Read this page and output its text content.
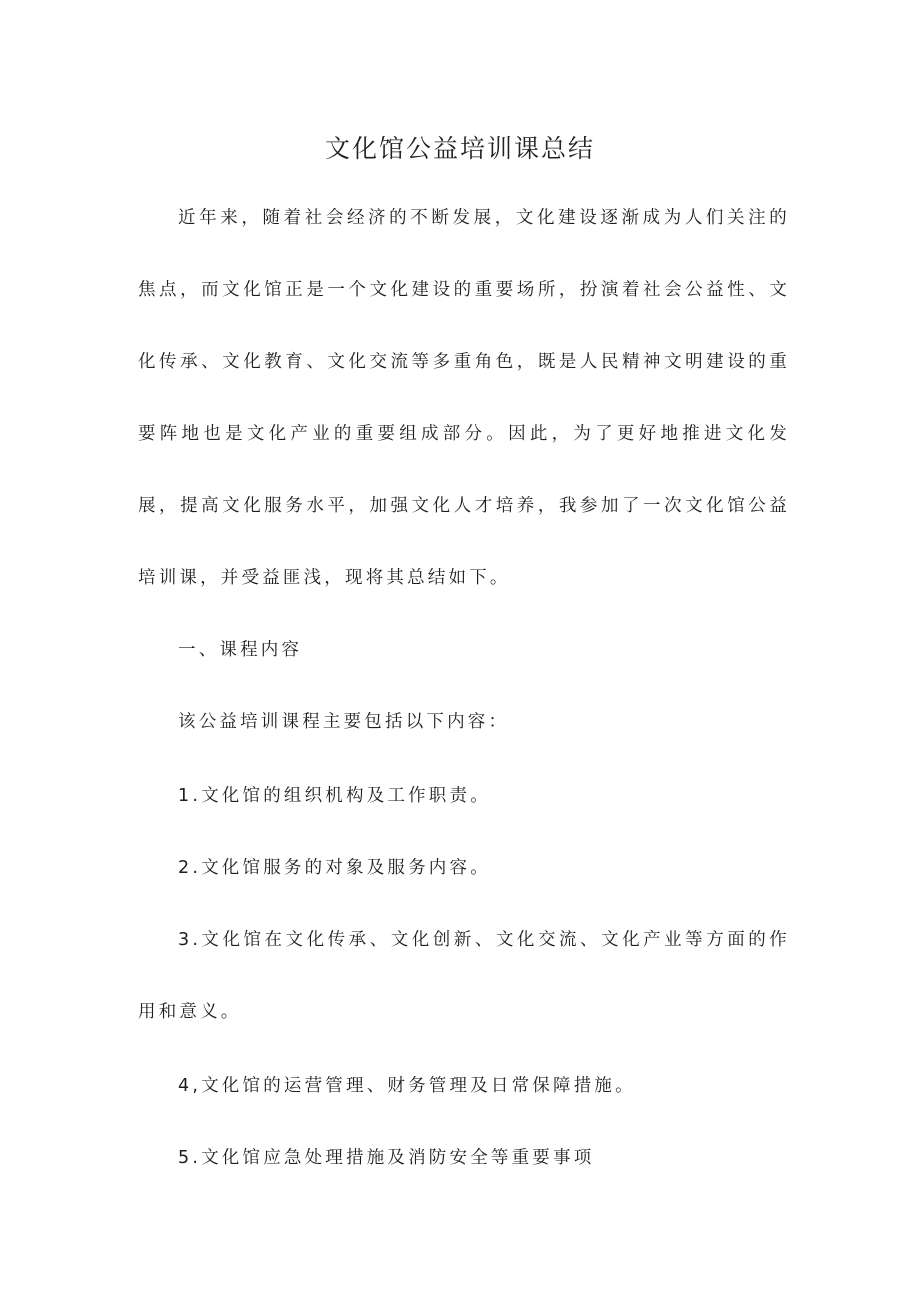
文化馆公益培训课总结
近年来，随着社会经济的不断发展，文化建设逐渐成为人们关注的焦点，而文化馆正是一个文化建设的重要场所，扮演着社会公益性、文化传承、文化教育、文化交流等多重角色，既是人民精神文明建设的重要阵地也是文化产业的重要组成部分。因此，为了更好地推进文化发展，提高文化服务水平，加强文化人才培养，我参加了一次文化馆公益培训课，并受益匪浅，现将其总结如下。
一、课程内容
该公益培训课程主要包括以下内容：
1.文化馆的组织机构及工作职责。
2.文化馆服务的对象及服务内容。
3.文化馆在文化传承、文化创新、文化交流、文化产业等方面的作用和意义。
4,文化馆的运营管理、财务管理及日常保障措施。
5.文化馆应急处理措施及消防安全等重要事项
